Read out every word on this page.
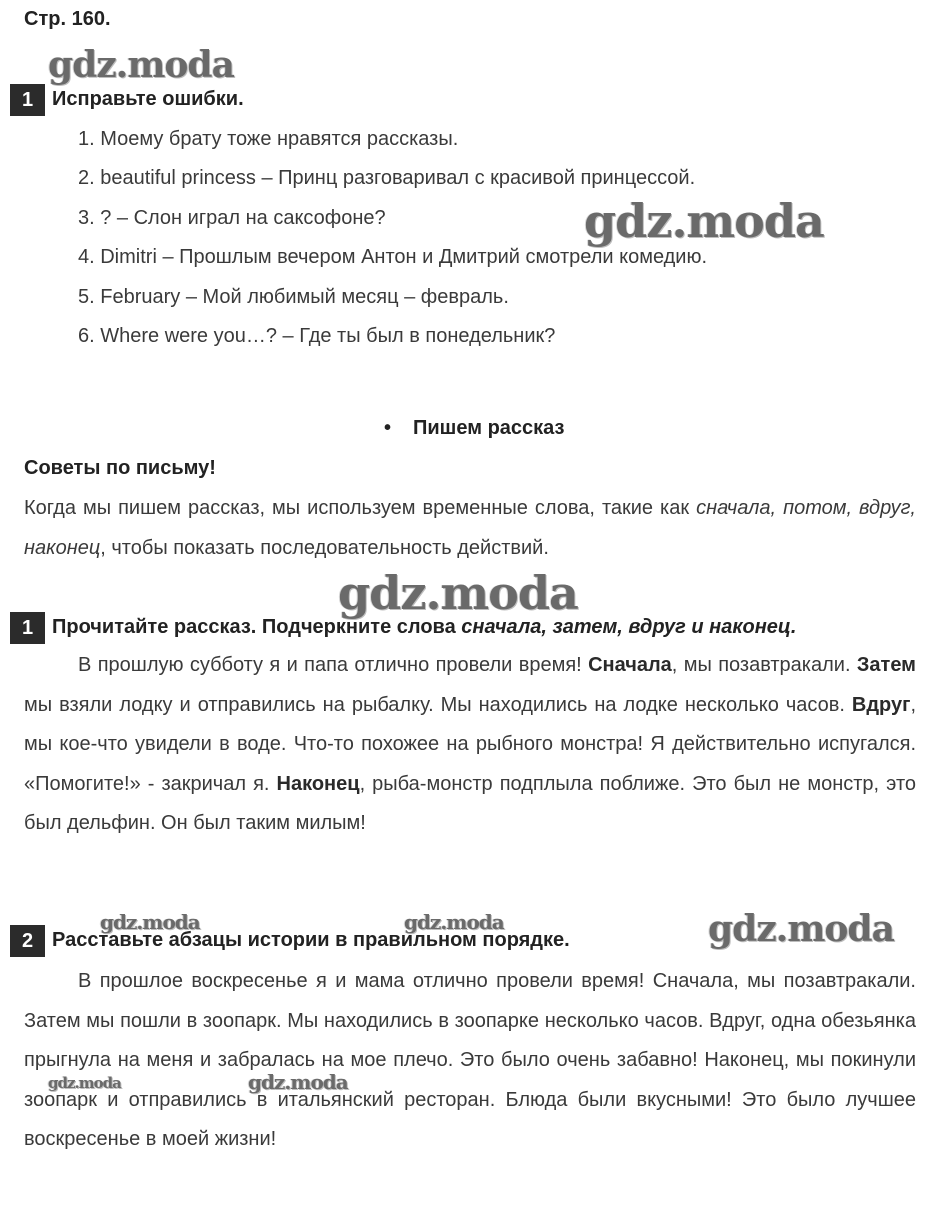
Стр. 160.
1 Исправьте ошибки.
1. Моему брату тоже нравятся рассказы.
2. beautiful princess – Принц разговаривал с красивой принцессой.
3. ? – Слон играл на саксофоне?
4. Dimitri – Прошлым вечером Антон и Дмитрий смотрели комедию.
5. February – Мой любимый месяц – февраль.
6. Where were you…? – Где ты был в понедельник?
• Пишем рассказ
Советы по письму!

Когда мы пишем рассказ, мы используем временные слова, такие как сначала, потом, вдруг, наконец, чтобы показать последовательность действий.

1 Прочитайте рассказ. Подчеркните слова сначала, затем, вдруг и наконец.

В прошлую субботу я и папа отлично провели время! Сначала, мы позавтракали. Затем мы взяли лодку и отправились на рыбалку. Мы находились на лодке несколько часов. Вдруг, мы кое-что увидели в воде. Что-то похожее на рыбного монстра! Я действительно испугался. «Помогите!» - закричал я. Наконец, рыба-монстр подплыла поближе. Это был не монстр, это был дельфин. Он был таким милым!

2 Расставьте абзацы истории в правильном порядке.

В прошлое воскресенье я и мама отлично провели время! Сначала, мы позавтракали. Затем мы пошли в зоопарк. Мы находились в зоопарке несколько часов. Вдруг, одна обезьянка прыгнула на меня и забралась на мое плечо. Это было очень забавно! Наконец, мы покинули зоопарк и отправились в итальянский ресторан. Блюда были вкусными! Это было лучшее воскресенье в моей жизни!

gdz.moda
gdz.moda
gdz.moda
gdz.moda	gdz.moda	gdz.moda
gdz.moda	gdz.moda
